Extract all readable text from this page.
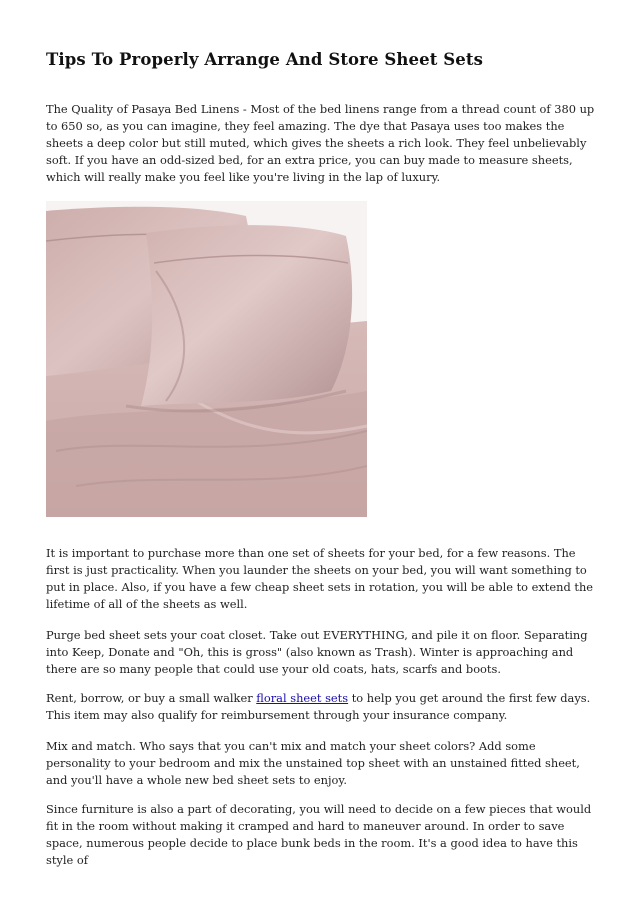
Tips To Properly Arrange And Store Sheet Sets

The Quality of Pasaya Bed Linens - Most of the bed linens range from a thread count of 380 up to 650 so, as you can imagine, they feel amazing. The dye that Pasaya uses too makes the sheets a deep color but still muted, which gives the sheets a rich look. They feel unbelievably soft. If you have an odd-sized bed, for an extra price, you can buy made to measure sheets, which will really make you feel like you're living in the lap of luxury.

It is important to purchase more than one set of sheets for your bed, for a few reasons. The first is just practicality. When you launder the sheets on your bed, you will want something to put in place. Also, if you have a few cheap sheet sets in rotation, you will be able to extend the lifetime of all of the sheets as well.

Purge bed sheet sets your coat closet. Take out EVERYTHING, and pile it on floor. Separating into Keep, Donate and "Oh, this is gross" (also known as Trash). Winter is approaching and there are so many people that could use your old coats, hats, scarfs and boots.

Rent, borrow, or buy a small walker floral sheet sets to help you get around the first few days. This item may also qualify for reimbursement through your insurance company.

Mix and match. Who says that you can't mix and match your sheet colors? Add some personality to your bedroom and mix the unstained top sheet with an unstained fitted sheet, and you'll have a whole new bed sheet sets to enjoy.

Since furniture is also a part of decorating, you will need to decide on a few pieces that would fit in the room without making it cramped and hard to maneuver around. In order to save space, numerous people decide to place bunk beds in the room. It's a good idea to have this style of
